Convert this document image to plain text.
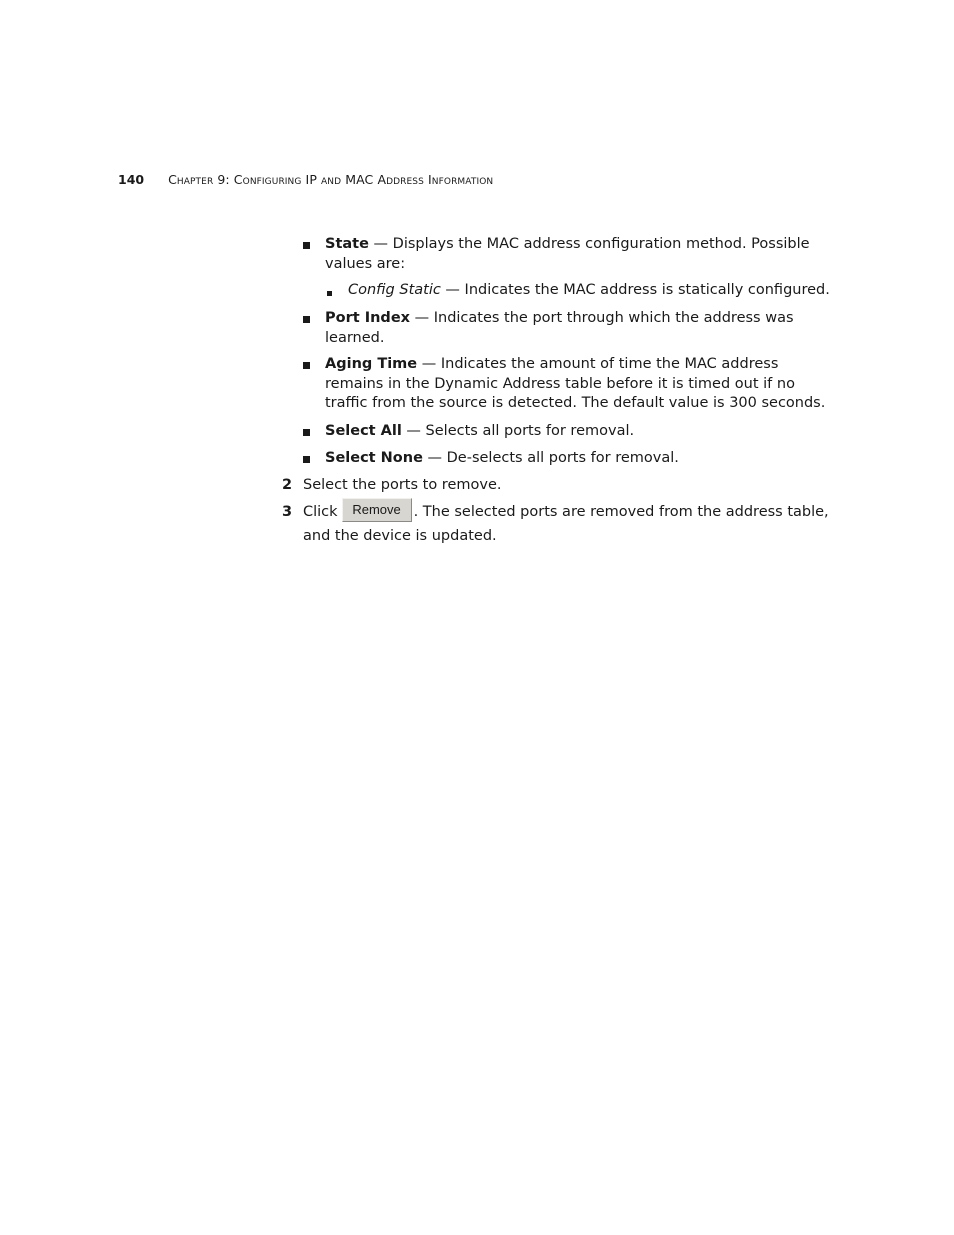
140 Chapter 9: Configuring IP and MAC Address Information
State — Displays the MAC address configuration method. Possible
values are:
Config Static — Indicates the MAC address is statically configured.
Port Index — Indicates the port through which the address was
learned.
Aging Time — Indicates the amount of time the MAC address
remains in the Dynamic Address table before it is timed out if no
traffic from the source is detected. The default value is 300 seconds.
Select All — Selects all ports for removal.
Select None — De-selects all ports for removal.
2 Select the ports to remove.
3 Click Remove . The selected ports are removed from the address table,
and the device is updated.
